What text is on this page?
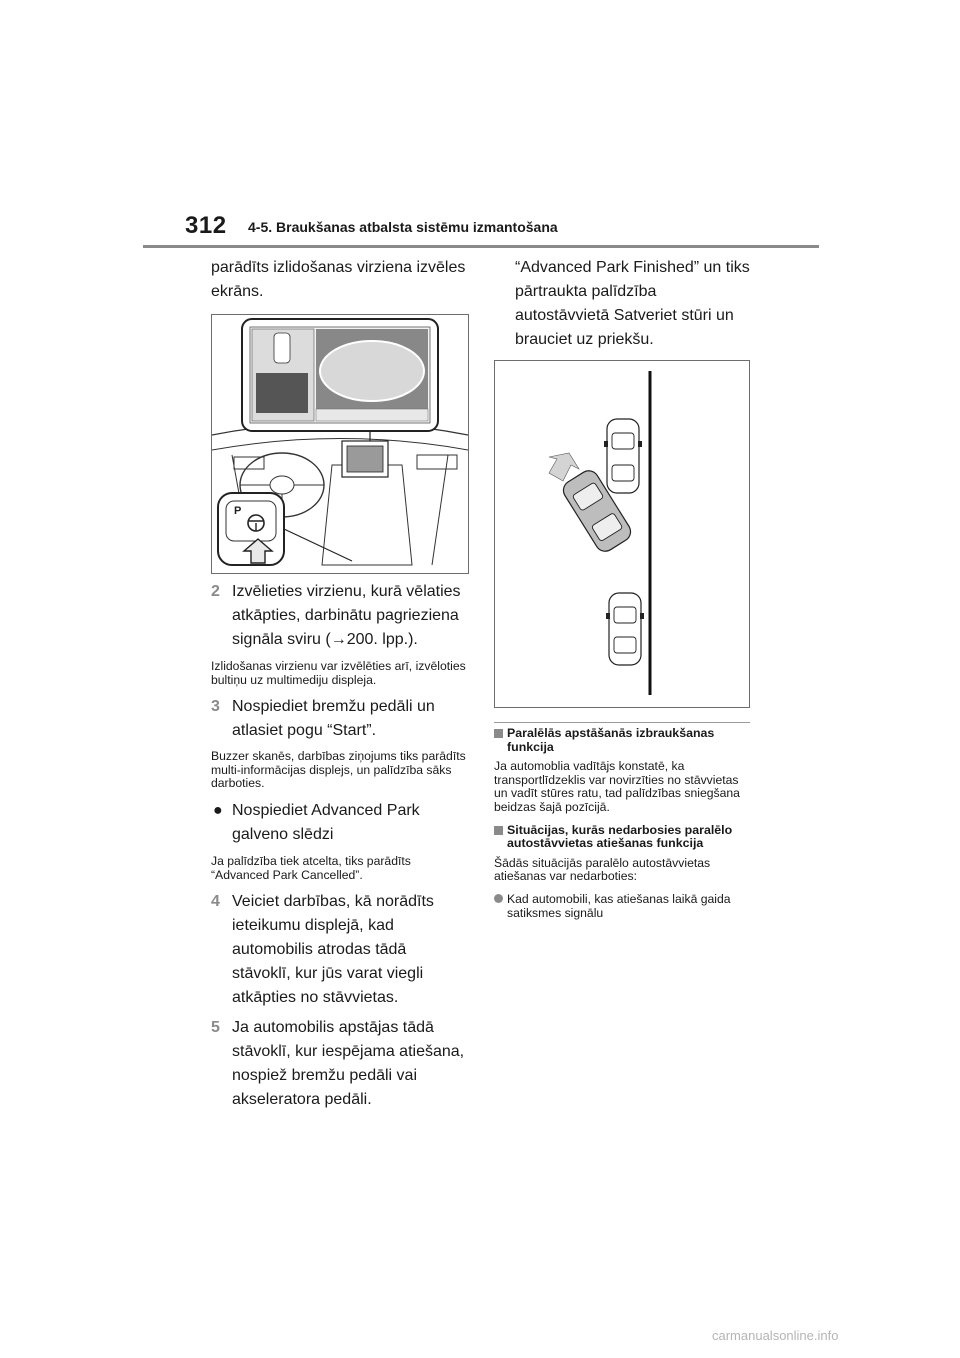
312 4-5. Braukšanas atbalsta sistēmu izmantošana

parādīts izlidošanas virziena izvēles ekrāns.

P
2 Izvēlieties virzienu, kurā vēlaties atkāpties, darbinātu pagrieziena signāla sviru (→200. lpp.).

Izlidošanas virzienu var izvēlēties arī, izvēloties bultiņu uz multimediju displeja.

3 Nospiediet bremžu pedāli un atlasiet pogu “Start”.

Buzzer skanēs, darbības ziņojums tiks parādīts multi-informācijas displejs, un palīdzība sāks darboties.

● Nospiediet Advanced Park galveno slēdzi

Ja palīdzība tiek atcelta, tiks parādīts “Advanced Park Cancelled”.

4 Veiciet darbības, kā norādīts ieteikumu displejā, kad automobilis atrodas tādā stāvoklī, kur jūs varat viegli atkāpties no stāvvietas.
5 Ja automobilis apstājas tādā stāvoklī, kur iespējama atiešana, nospiež bremžu pedāli vai akseleratora pedāli.

“Advanced Park Finished” un tiks pārtraukta palīdzība autostāvvietā Satveriet stūri un brauciet uz priekšu.

Paralēlās apstāšanās izbraukšanas funkcija

Ja automoblia vadītājs konstatē, ka transportlīdzeklis var novirzīties no stāvvietas un vadīt stūres ratu, tad palīdzības sniegšana beidzas šajā pozīcijā.

Situācijas, kurās nedarbosies paralēlo autostāvvietas atiešanas funkcija

Šādās situācijās paralēlo autostāvvietas atiešanas var nedarboties:

Kad automobili, kas atiešanas laikā gaida satiksmes signālu
carmanualsonline.info
